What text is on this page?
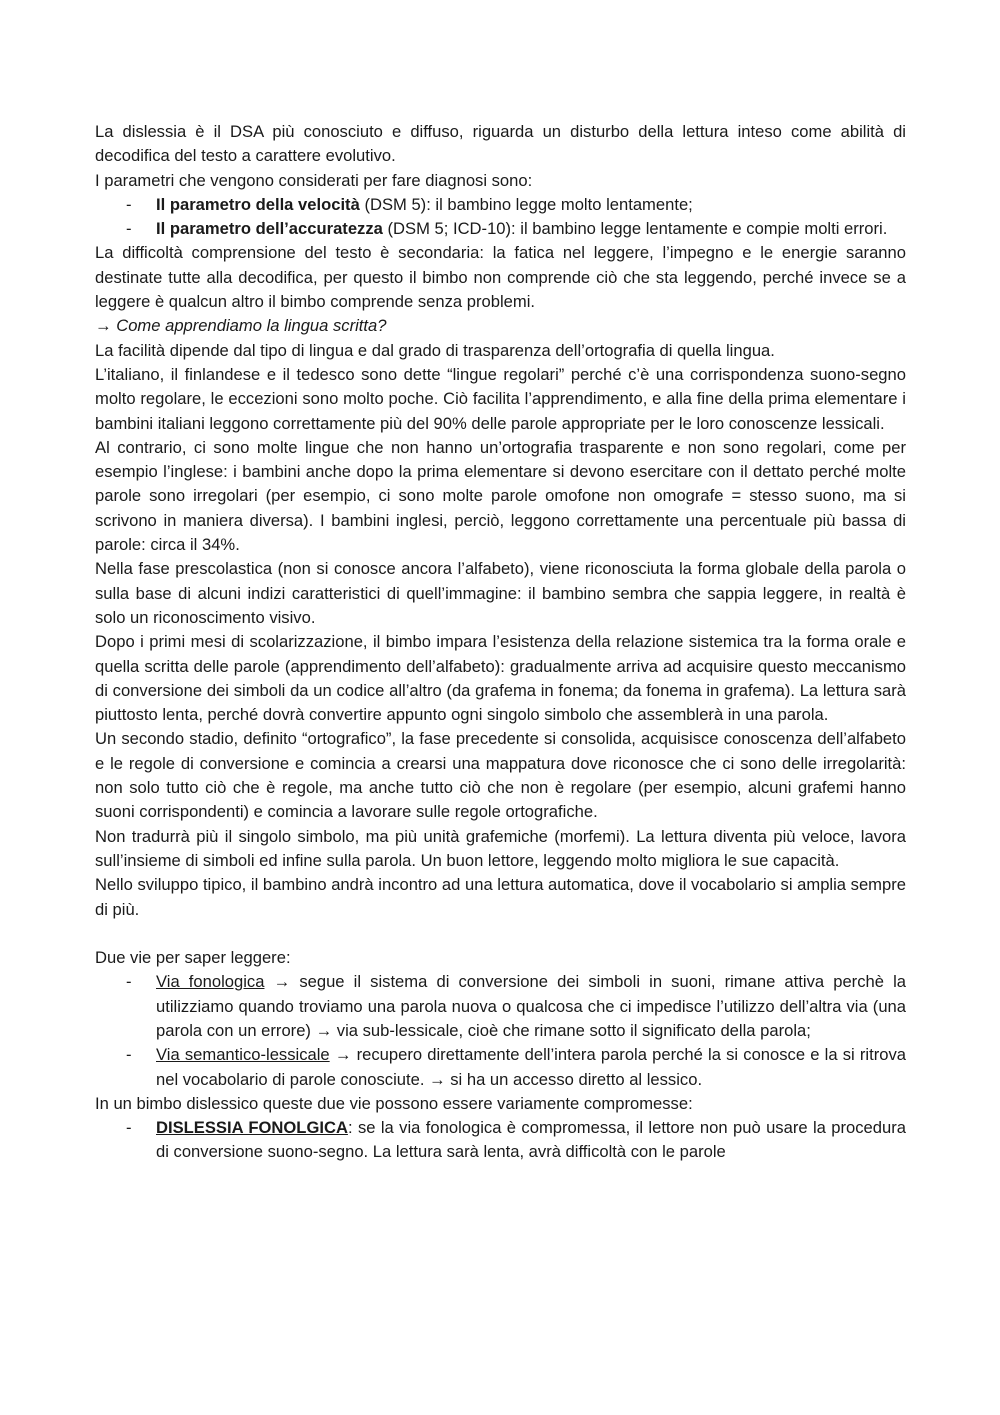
La dislessia è il DSA più conosciuto e diffuso, riguarda un disturbo della lettura inteso come abilità di decodifica del testo a carattere evolutivo.

I parametri che vengono considerati per fare diagnosi sono:

- Il parametro della velocità (DSM 5): il bambino legge molto lentamente;
- Il parametro dell’accuratezza (DSM 5; ICD-10): il bambino legge lentamente e compie molti errori.

La difficoltà comprensione del testo è secondaria: la fatica nel leggere, l’impegno e le energie saranno destinate tutte alla decodifica, per questo il bimbo non comprende ciò che sta leggendo, perché invece se a leggere è qualcun altro il bimbo comprende senza problemi.

→ Come apprendiamo la lingua scritta?

La facilità dipende dal tipo di lingua e dal grado di trasparenza dell’ortografia di quella lingua.

L’italiano, il finlandese e il tedesco sono dette “lingue regolari” perché c’è una corrispondenza suono-segno molto regolare, le eccezioni sono molto poche. Ciò facilita l’apprendimento, e alla fine della prima elementare i bambini italiani leggono correttamente più del 90% delle parole appropriate per le loro conoscenze lessicali.

Al contrario, ci sono molte lingue che non hanno un’ortografia trasparente e non sono regolari, come per esempio l’inglese: i bambini anche dopo la prima elementare si devono esercitare con il dettato perché molte parole sono irregolari (per esempio, ci sono molte parole omofone non omografe = stesso suono, ma si scrivono in maniera diversa). I bambini inglesi, perciò, leggono correttamente una percentuale più bassa di parole: circa il 34%.

Nella fase prescolastica (non si conosce ancora l’alfabeto), viene riconosciuta la forma globale della parola o sulla base di alcuni indizi caratteristici di quell’immagine: il bambino sembra che sappia leggere, in realtà è solo un riconoscimento visivo.

Dopo i primi mesi di scolarizzazione, il bimbo impara l’esistenza della relazione sistemica tra la forma orale e quella scritta delle parole (apprendimento dell’alfabeto): gradualmente arriva ad acquisire questo meccanismo di conversione dei simboli da un codice all’altro (da grafema in fonema; da fonema in grafema). La lettura sarà piuttosto lenta, perché dovrà convertire appunto ogni singolo simbolo che assemblerà in una parola.

Un secondo stadio, definito “ortografico”, la fase precedente si consolida, acquisisce conoscenza dell’alfabeto e le regole di conversione e comincia a crearsi una mappatura dove riconosce che ci sono delle irregolarità: non solo tutto ciò che è regole, ma anche tutto ciò che non è regolare (per esempio, alcuni grafemi hanno suoni corrispondenti) e comincia a lavorare sulle regole ortografiche.

Non tradurrà più il singolo simbolo, ma più unità grafemiche (morfemi). La lettura diventa più veloce, lavora sull’insieme di simboli ed infine sulla parola. Un buon lettore, leggendo molto migliora le sue capacità.

Nello sviluppo tipico, il bambino andrà incontro ad una lettura automatica, dove il vocabolario si amplia sempre di più.

Due vie per saper leggere:

- Via fonologica → segue il sistema di conversione dei simboli in suoni, rimane attiva perchè la utilizziamo quando troviamo una parola nuova o qualcosa che ci impedisce l’utilizzo dell’altra via (una parola con un errore) → via sub-lessicale, cioè che rimane sotto il significato della parola;
- Via semantico-lessicale → recupero direttamente dell’intera parola perché la si conosce e la si ritrova nel vocabolario di parole conosciute. → si ha un accesso diretto al lessico.

In un bimbo dislessico queste due vie possono essere variamente compromesse:

- DISLESSIA FONOLGICA: se la via fonologica è compromessa, il lettore non può usare la procedura di conversione suono-segno. La lettura sarà lenta, avrà difficoltà con le parole
